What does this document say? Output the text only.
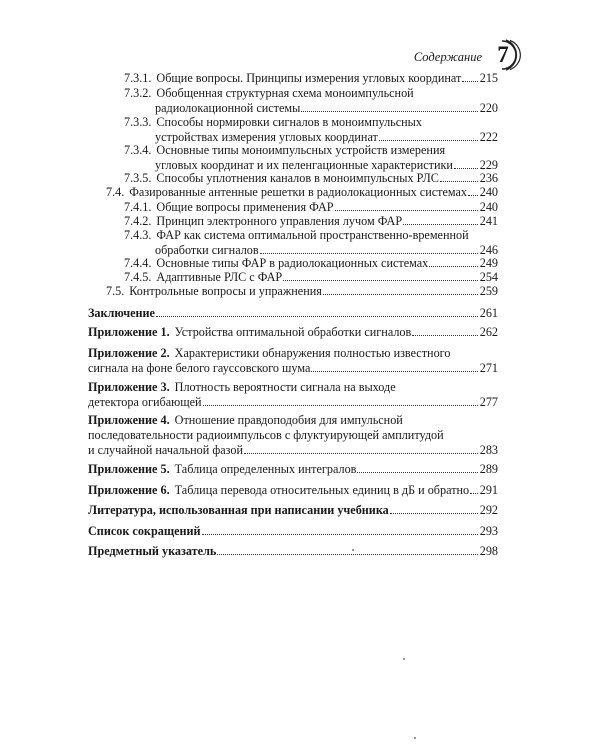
Содержание 7
7.3.1. Общие вопросы. Принципы измерения угловых координат 215
7.3.2. Обобщенная структурная схема моноимпульсной
радиолокационной системы	220
7.3.3. Способы нормировки сигналов в моноимпульсных
устройствах измерения угловых координат	222
7.3.4. Основные типы моноимпульсных устройств измерения
угловых координат и их пеленгационные характеристики 229
7.3.5. Способы уплотнения каналов в моноимпульсных РЛС	236
7.4. Фазированные антенные решетки в радиолокационных системах 240
7.4.1. Общие вопросы применения ФАР	240
7.4.2. Принцип электронного управления лучом ФАР	241
7.4.3. ФАР как система оптимальной пространственно-временной
обработки сигналов	246
7.4.4. Основные типы ФАР в радиолокационных системах	249
7.4.5. Адаптивные РЛС с ФАР	254
7.5. Контрольные вопросы и упражнения	259
Заключение	261
Приложение 1. Устройства оптимальной обработки сигналов	262
Приложение 2. Характеристики обнаружения полностью известного
сигнала на фоне белого гауссовского шума	271
Приложение 3. Плотность вероятности сигнала на выходе
детектора огибающей	277
Приложение 4. Отношение правдоподобия для импульсной
последовательности радиоимпульсов с флуктуирующей амплитудой
и случайной начальной фазой	283
Приложение 5. Таблица определенных интегралов	289
Приложение 6. Таблица перевода относительных единиц в дБ и обратно 291
Литература, использованная при написании учебника	292
Список сокращений	293
Предметный указатель	298
